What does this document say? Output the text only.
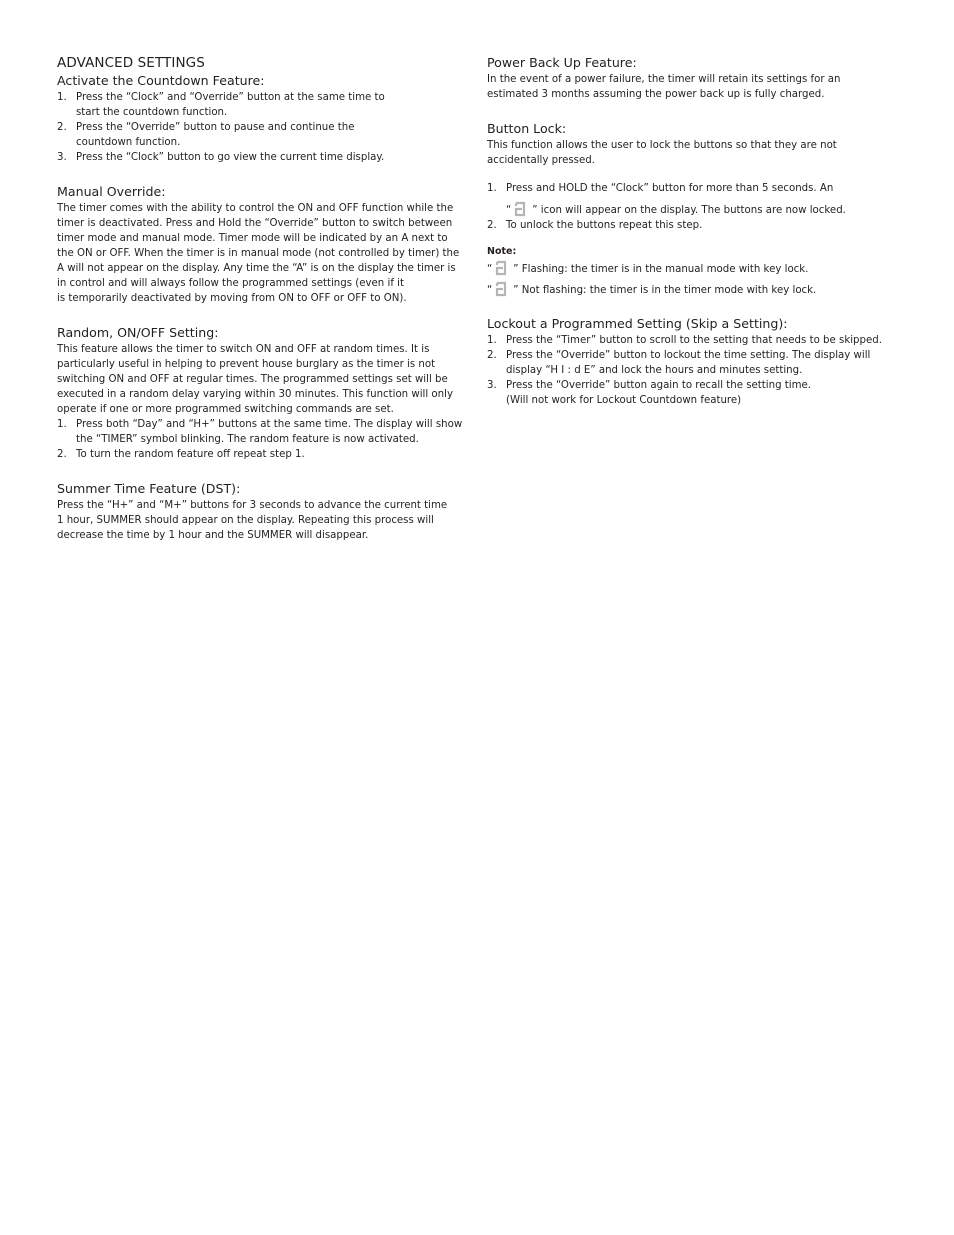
ADVANCED SETTINGS
Activate the Countdown Feature:
1. Press the “Clock” and “Override” button at the same time to
start the countdown function.
2. Press the “Override” button to pause and continue the
countdown function.
3. Press the “Clock” button to go view the current time display.
Manual Override:

The timer comes with the ability to control the ON and OFF function while the
timer is deactivated. Press and Hold the “Override” button to switch between
timer mode and manual mode. Timer mode will be indicated by an A next to
the ON or OFF. When the timer is in manual mode (not controlled by timer) the
A will not appear on the display. Any time the “A” is on the display the timer is
in control and will always follow the programmed settings (even if it
is temporarily deactivated by moving from ON to OFF or OFF to ON).

Random, ON/OFF Setting:

This feature allows the timer to switch ON and OFF at random times. It is
particularly useful in helping to prevent house burglary as the timer is not
switching ON and OFF at regular times. The programmed settings set will be
executed in a random delay varying within 30 minutes. This function will only
operate if one or more programmed switching commands are set.

1. Press both “Day” and “H+” buttons at the same time. The display will show
the “TIMER” symbol blinking. The random feature is now activated.
2. To turn the random feature off repeat step 1.
Summer Time Feature (DST):

Press the “H+” and “M+” buttons for 3 seconds to advance the current time
1 hour, SUMMER should appear on the display. Repeating this process will
decrease the time by 1 hour and the SUMMER will disappear.

Power Back Up Feature:

In the event of a power failure, the timer will retain its settings for an
estimated 3 months assuming the power back up is fully charged.

Button Lock:

This function allows the user to lock the buttons so that they are not
accidentally pressed.

1. Press and HOLD the “Clock” button for more than 5 seconds. An
“ ” icon will appear on the display. The buttons are now locked.
2. To unlock the buttons repeat this step.
Note:
“ ” Flashing: the timer is in the manual mode with key lock.
“ ” Not flashing: the timer is in the timer mode with key lock.
Lockout a Programmed Setting (Skip a Setting):
1. Press the “Timer” button to scroll to the setting that needs to be skipped.
2. Press the “Override” button to lockout the time setting. The display will
display “H I : d E” and lock the hours and minutes setting.
3. Press the “Override” button again to recall the setting time.
(Will not work for Lockout Countdown feature)
